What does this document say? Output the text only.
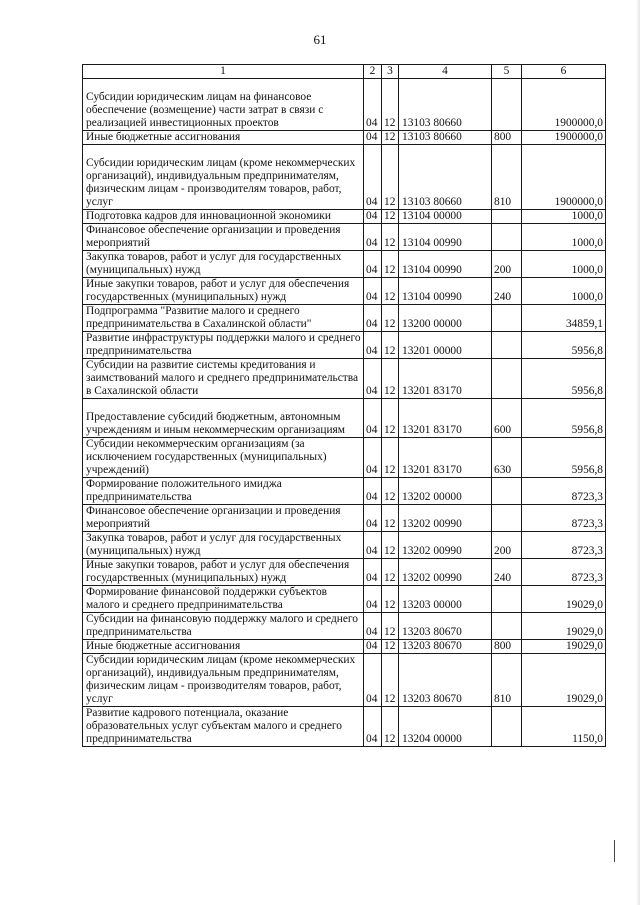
61
1	2	3	4	5	6
Субсидии юридическим лицам на финансовое обеспечение (возмещение) части затрат в связи с реализацией инвестиционных проектов	04	12	13103 80660		1900000,0
Иные бюджетные ассигнования	04	12	13103 80660	800	1900000,0
Субсидии юридическим лицам (кроме некоммерческих организаций), индивидуальным предпринимателям, физическим лицам - производителям товаров, работ, услуг	04	12	13103 80660	810	1900000,0
Подготовка кадров для инновационной экономики	04	12	13104 00000		1000,0
Финансовое обеспечение организации и проведения мероприятий	04	12	13104 00990		1000,0
Закупка товаров, работ и услуг для государственных (муниципальных) нужд	04	12	13104 00990	200	1000,0
Иные закупки товаров, работ и услуг для обеспечения государственных (муниципальных) нужд	04	12	13104 00990	240	1000,0
Подпрограмма "Развитие малого и среднего предпринимательства в Сахалинской области"	04	12	13200 00000		34859,1
Развитие инфраструктуры поддержки малого и среднего предпринимательства	04	12	13201 00000		5956,8
Субсидии на развитие системы кредитования и заимствований малого и среднего предпринимательства в Сахалинской области	04	12	13201 83170		5956,8
Предоставление субсидий бюджетным, автономным учреждениям и иным некоммерческим организациям	04	12	13201 83170	600	5956,8
Субсидии некоммерческим организациям (за исключением государственных (муниципальных) учреждений)	04	12	13201 83170	630	5956,8
Формирование положительного имиджа предпринимательства	04	12	13202 00000		8723,3
Финансовое обеспечение организации и проведения мероприятий	04	12	13202 00990		8723,3
Закупка товаров, работ и услуг для государственных (муниципальных) нужд	04	12	13202 00990	200	8723,3
Иные закупки товаров, работ и услуг для обеспечения государственных (муниципальных) нужд	04	12	13202 00990	240	8723,3
Формирование финансовой поддержки субъектов малого и среднего предпринимательства	04	12	13203 00000		19029,0
Субсидии на финансовую поддержку малого и среднего предпринимательства	04	12	13203 80670		19029,0
Иные бюджетные ассигнования	04	12	13203 80670	800	19029,0
Субсидии юридическим лицам (кроме некоммерческих организаций), индивидуальным предпринимателям, физическим лицам - производителям товаров, работ, услуг	04	12	13203 80670	810	19029,0
Развитие кадрового потенциала, оказание образовательных услуг субъектам малого и среднего предпринимательства	04	12	13204 00000		1150,0
